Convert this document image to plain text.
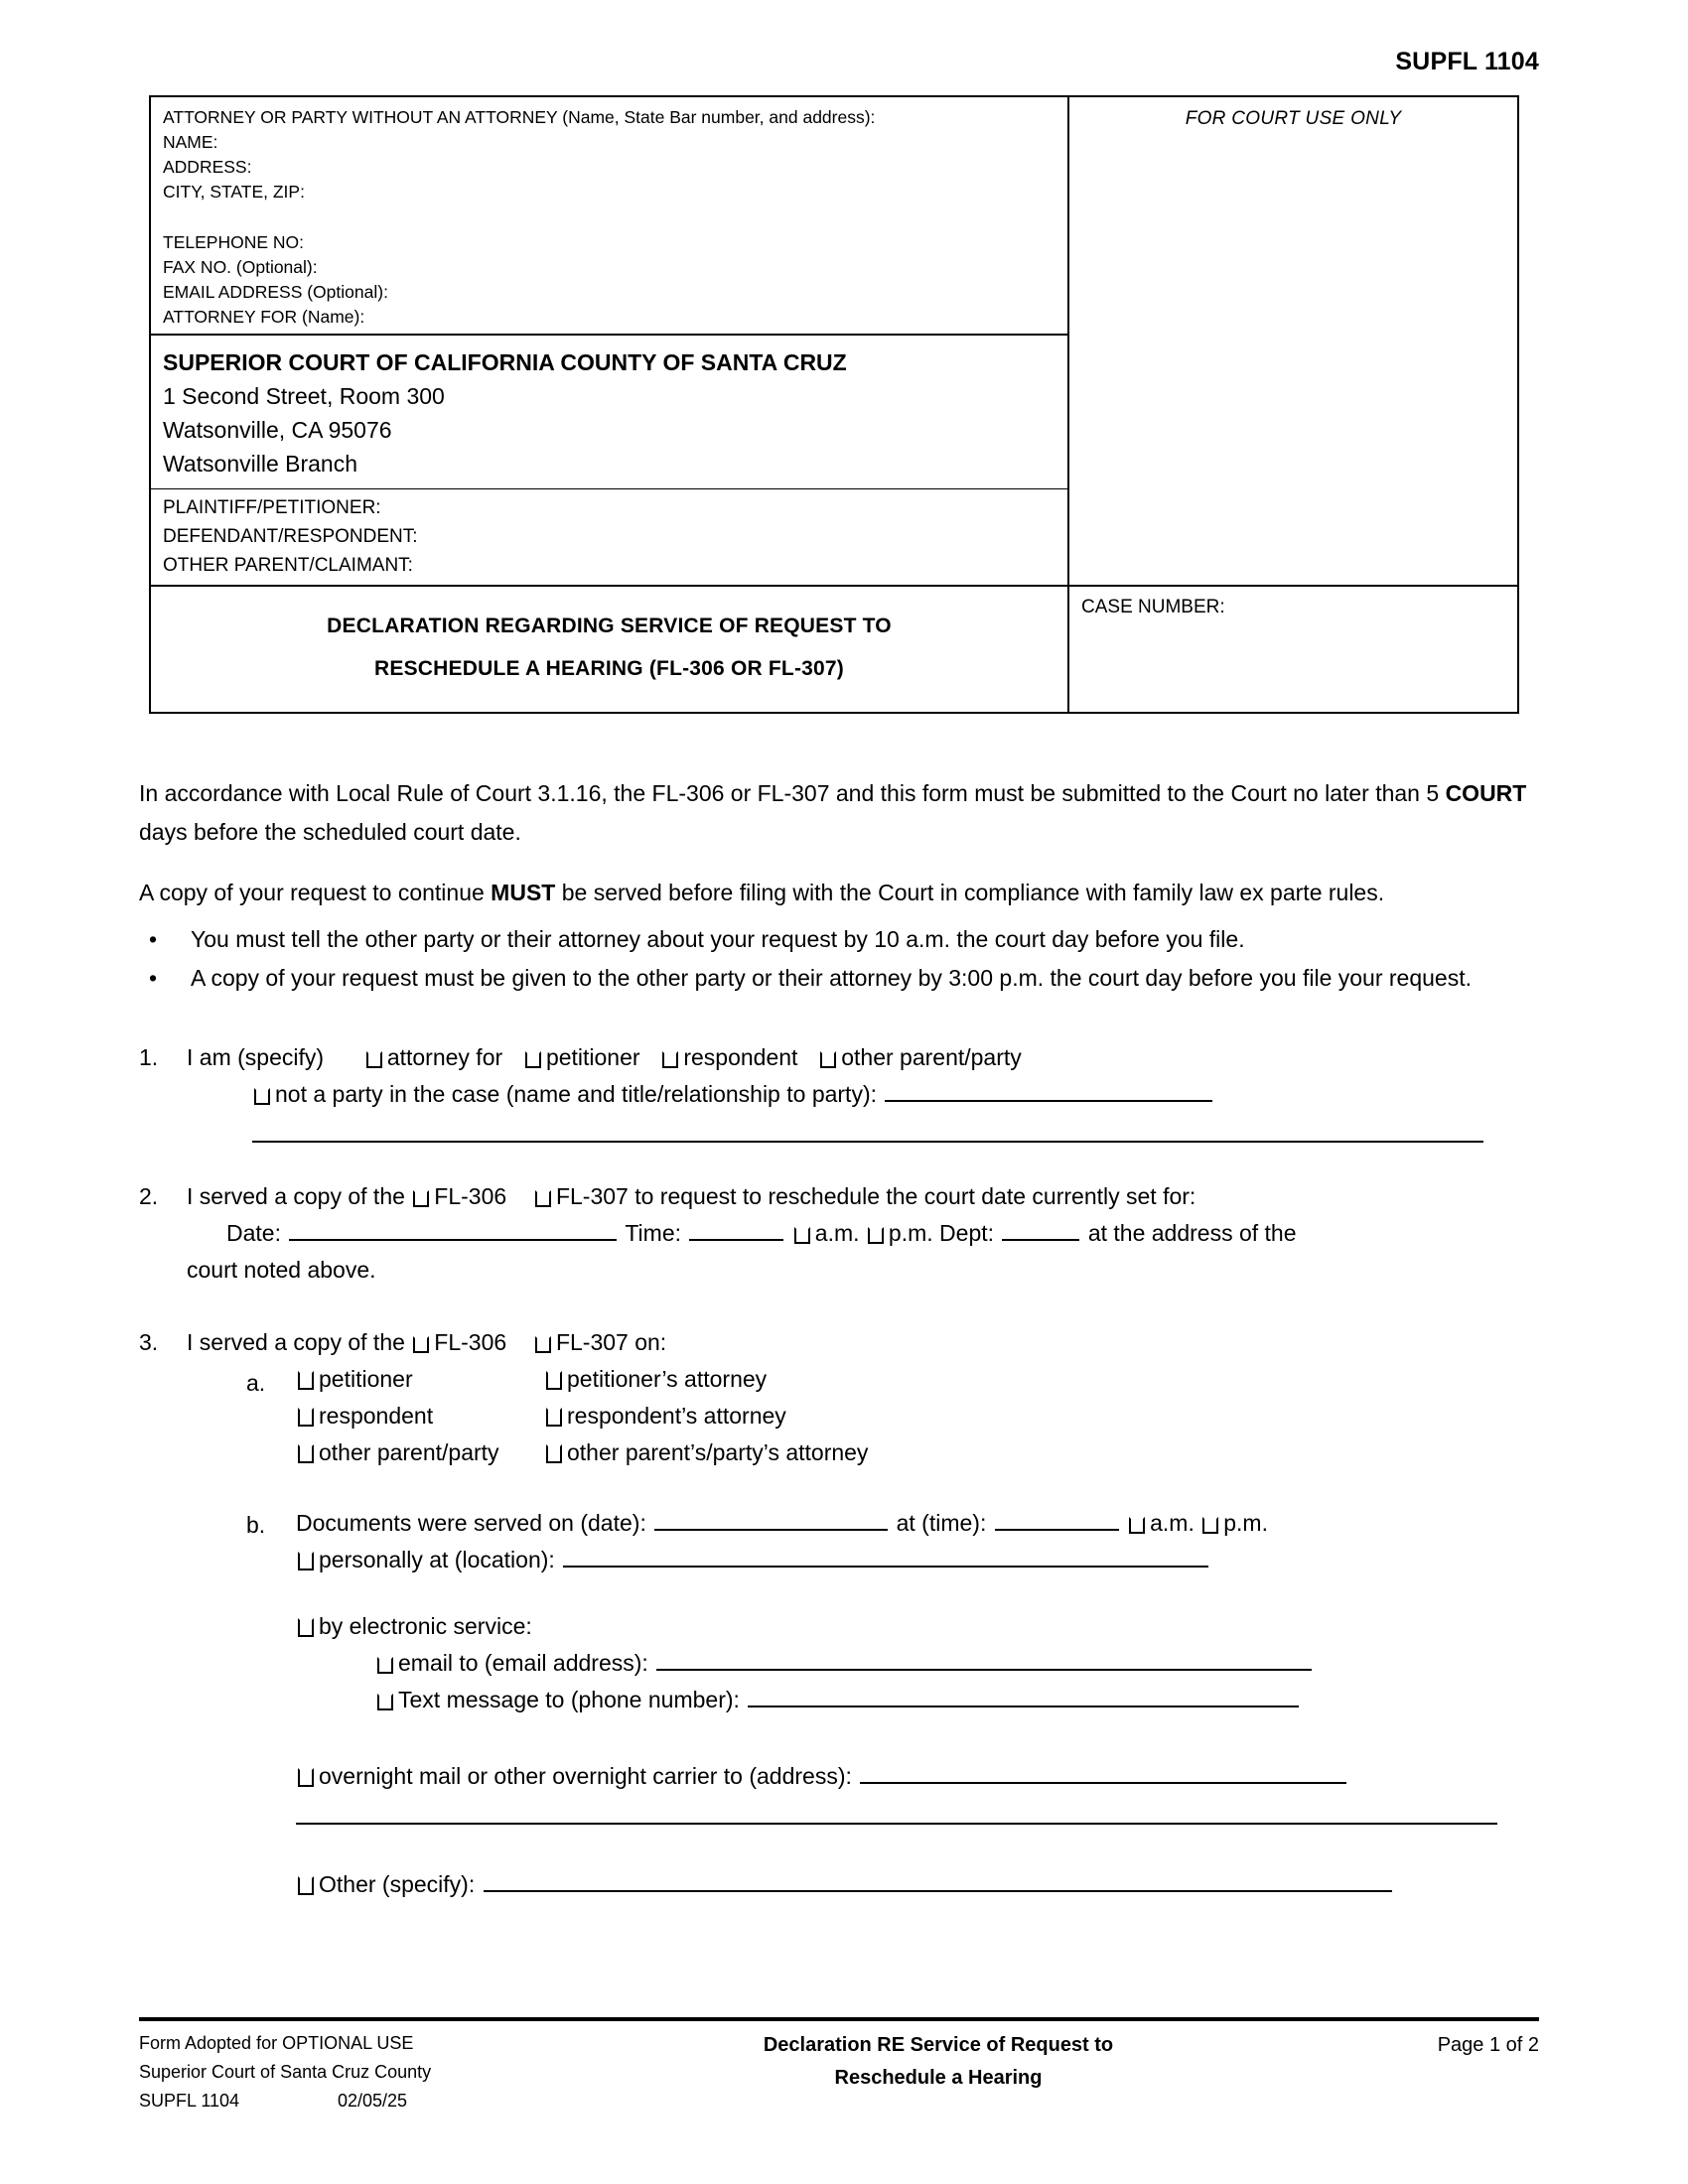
SUPFL 1104
ATTORNEY OR PARTY WITHOUT AN ATTORNEY (Name, State Bar number, and address):
NAME:
ADDRESS:
CITY, STATE, ZIP:
TELEPHONE NO:
FAX NO. (Optional):
EMAIL ADDRESS (Optional):
ATTORNEY FOR (Name):
SUPERIOR COURT OF CALIFORNIA COUNTY OF SANTA CRUZ
1 Second Street, Room 300
Watsonville, CA 95076
Watsonville Branch
PLAINTIFF/PETITIONER:
DEFENDANT/RESPONDENT:
OTHER PARENT/CLAIMANT:
FOR COURT USE ONLY
DECLARATION REGARDING SERVICE OF REQUEST TO
RESCHEDULE A HEARING (FL-306 OR FL-307)
CASE NUMBER:
In accordance with Local Rule of Court 3.1.16, the FL-306 or FL-307 and this form must be submitted to the Court no later than 5 COURT days before the scheduled court date.
A copy of your request to continue MUST be served before filing with the Court in compliance with family law ex parte rules.
• You must tell the other party or their attorney about your request by 10 a.m. the court day before you file.
• A copy of your request must be given to the other party or their attorney by 3:00 p.m. the court day before you file your request.
1.	I am (specify)	attorney for petitioner respondent other parent/party
not a party in the case (name and title/relationship to party):
2.	I served a copy of the FL-306 FL-307 to request to reschedule the court date currently set for:
Date:	Time:	a.m. p.m. Dept:	at the address of the
court noted above.
3.	I served a copy of the FL-306 FL-307 on:
a.	petitioner	petitioner’s attorney
respondent	respondent’s attorney
other parent/party	other parent’s/party’s attorney
b. Documents were served on (date):	at (time):	a.m. p.m.
personally at (location):
by electronic service:
email to (email address):
Text message to (phone number):
overnight mail or other overnight carrier to (address):
Other (specify):
Form Adopted for OPTIONAL USE
Superior Court of Santa Cruz County
SUPFL 1104	02/05/25
Declaration RE Service of Request to
Reschedule a Hearing
Page 1 of 2
